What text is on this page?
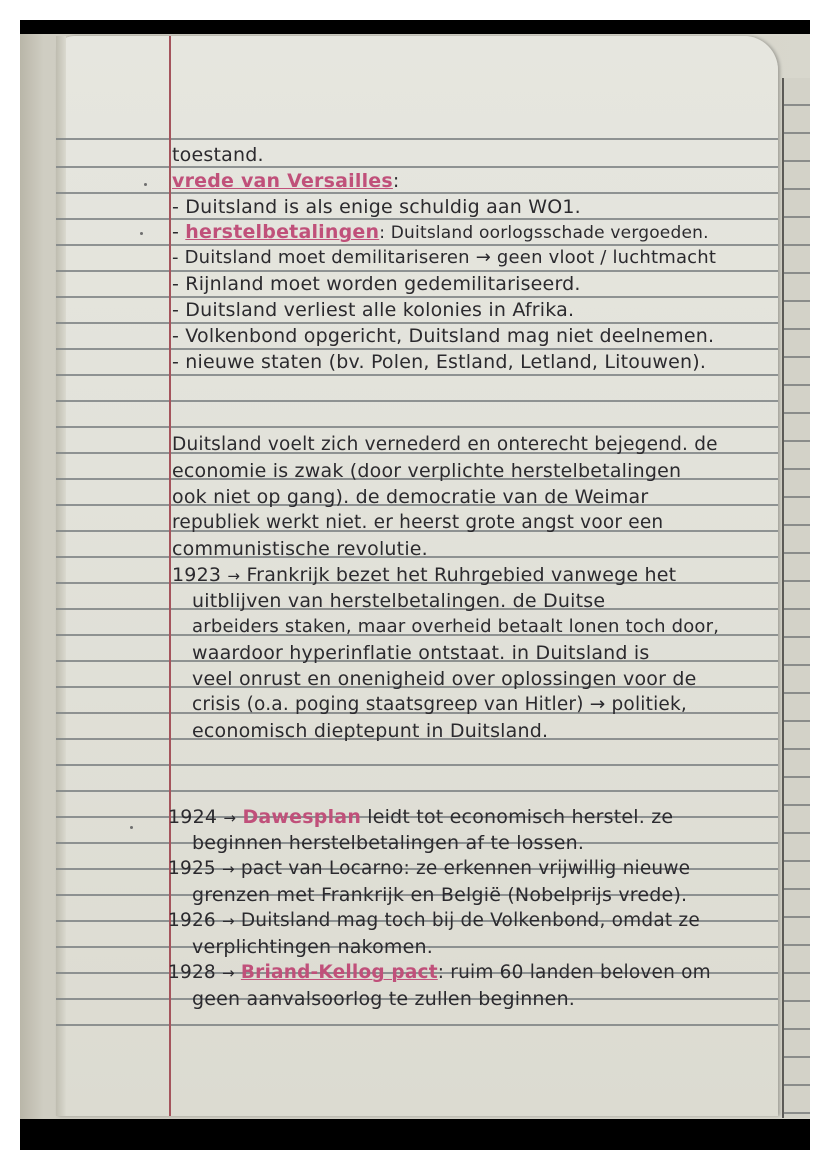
toestand.
vrede van Versailles:
- Duitsland is als enige schuldig aan WO1.
- herstelbetalingen: Duitsland oorlogsschade vergoeden.
- Duitsland moet demilitariseren → geen vloot / luchtmacht
- Rijnland moet worden gedemilitariseerd.
- Duitsland verliest alle kolonies in Afrika.
- Volkenbond opgericht, Duitsland mag niet deelnemen.
- nieuwe staten (bv. Polen, Estland, Letland, Litouwen).
Duitsland voelt zich vernederd en onterecht bejegend. de
economie is zwak (door verplichte herstelbetalingen
ook niet op gang). de democratie van de Weimar
republiek werkt niet. er heerst grote angst voor een
communistische revolutie.
1923 → Frankrijk bezet het Ruhrgebied vanwege het
uitblijven van herstelbetalingen. de Duitse
arbeiders staken, maar overheid betaalt lonen toch door,
waardoor hyperinflatie ontstaat. in Duitsland is
veel onrust en onenigheid over oplossingen voor de
crisis (o.a. poging staatsgreep van Hitler) → politiek,
economisch dieptepunt in Duitsland.
1924 → Dawesplan leidt tot economisch herstel. ze
beginnen herstelbetalingen af te lossen.
1925 → pact van Locarno: ze erkennen vrijwillig nieuwe
grenzen met Frankrijk en België (Nobelprijs vrede).
1926 → Duitsland mag toch bij de Volkenbond, omdat ze
verplichtingen nakomen.
1928 → Briand-Kellog pact: ruim 60 landen beloven om
geen aanvalsoorlog te zullen beginnen.
